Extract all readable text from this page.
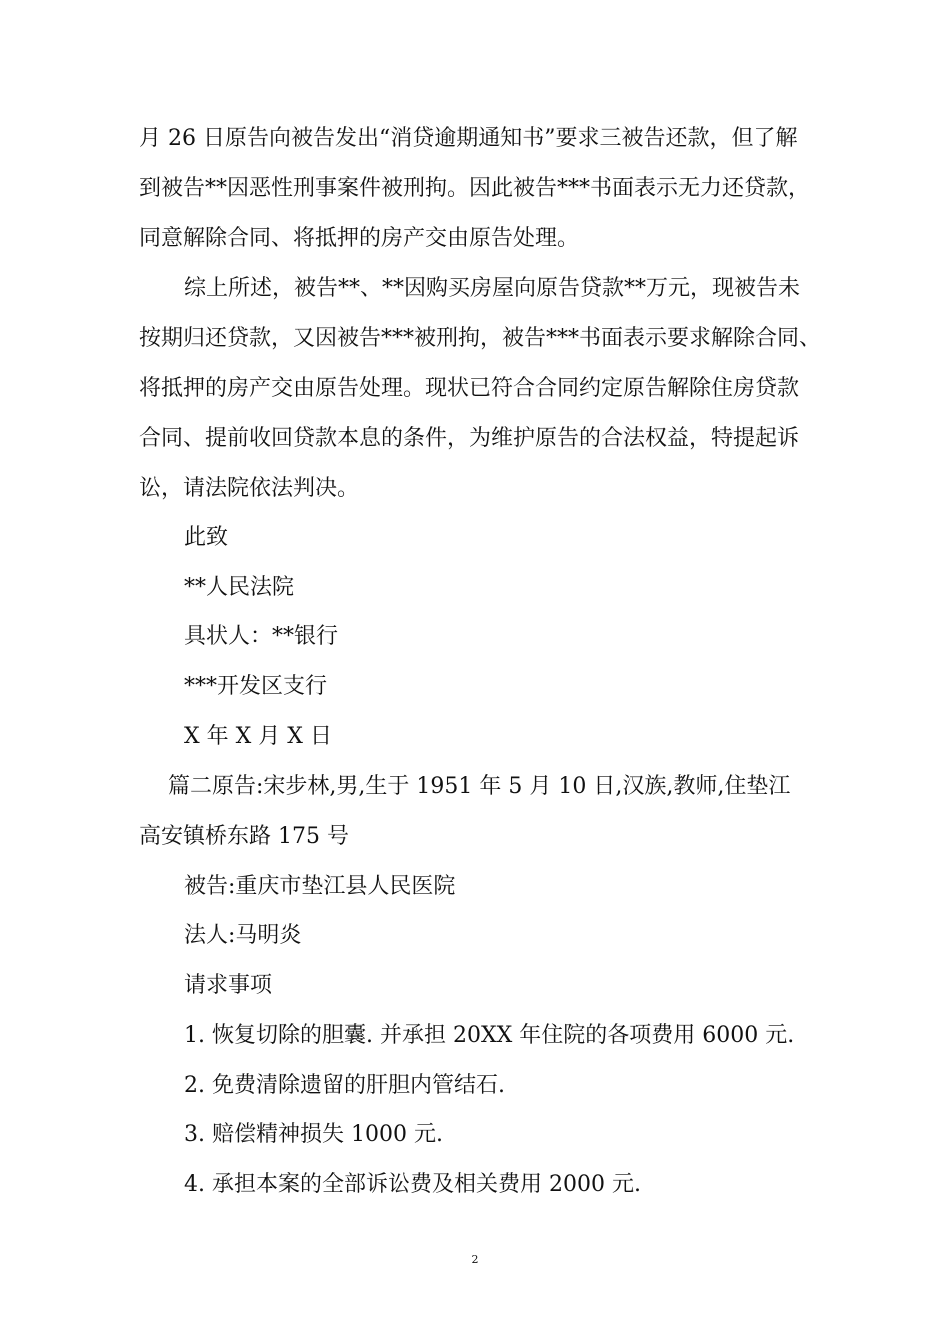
月 26 日原告向被告发出“消贷逾期通知书”要求三被告还款，但了解

到被告**因恶性刑事案件被刑拘。因此被告***书面表示无力还贷款，

同意解除合同、将抵押的房产交由原告处理。

综上所述，被告**、**因购买房屋向原告贷款**万元，现被告未

按期归还贷款，又因被告***被刑拘，被告***书面表示要求解除合同、

将抵押的房产交由原告处理。现状已符合合同约定原告解除住房贷款

合同、提前收回贷款本息的条件，为维护原告的合法权益，特提起诉

讼，请法院依法判决。

此致

**人民法院

具状人：**银行

***开发区支行

X 年 X 月 X 日

篇二原告:宋步林,男,生于 1951 年 5 月 10 日,汉族,教师,住垫江

高安镇桥东路 175 号

被告:重庆市垫江县人民医院

法人:马明炎

请求事项

1. 恢复切除的胆囊. 并承担 20XX 年住院的各项费用 6000 元.

2. 免费清除遗留的肝胆内管结石.

3. 赔偿精神损失 1000 元.

4. 承担本案的全部诉讼费及相关费用 2000 元.

2
